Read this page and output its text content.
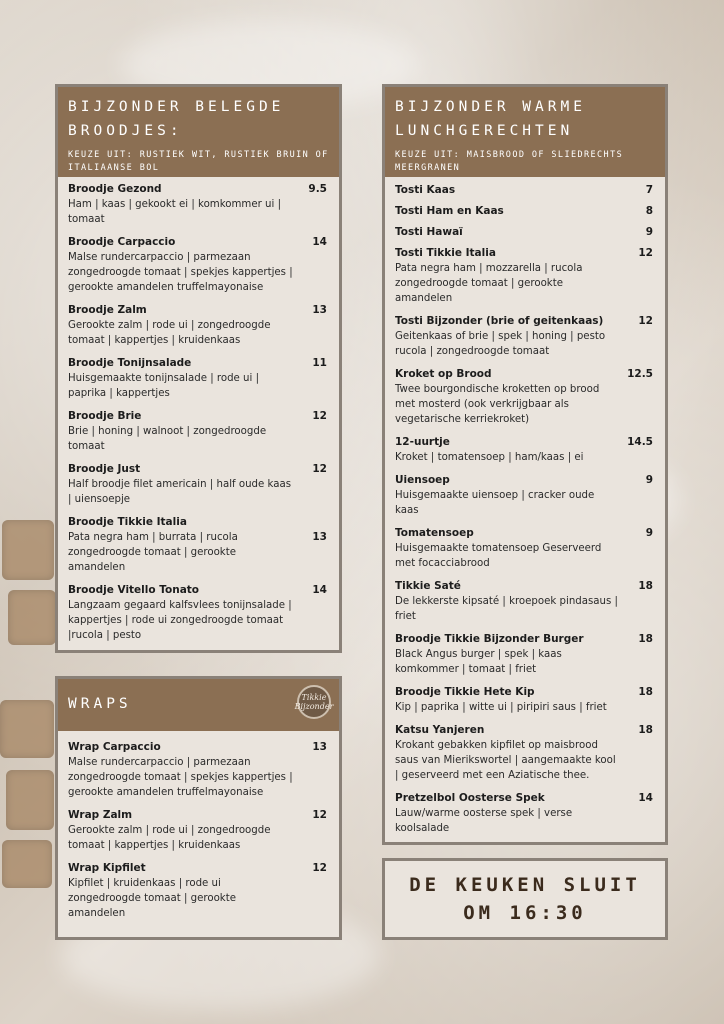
BIJZONDER BELEGDE BROODJES:
KEUZE UIT: RUSTIEK WIT, RUSTIEK BRUIN OF ITALIAANSE BOL
Broodje Gezond
Ham | kaas | gekookt ei | komkommer ui | tomaat
9.5
Broodje Carpaccio
Malse rundercarpaccio | parmezaan zongedroogde tomaat | spekjes kappertjes | gerookte amandelen truffelmayonaise
14
Broodje Zalm
Gerookte zalm | rode ui | zongedroogde tomaat | kappertjes | kruidenkaas
13
Broodje Tonijnsalade
Huisgemaakte tonijnsalade | rode ui | paprika | kappertjes
11
Broodje Brie
Brie | honing | walnoot | zongedroogde tomaat
12
Broodje Just
Half broodje filet americain | half oude kaas | uiensoepje
12
Broodje Tikkie Italia
Pata negra ham | burrata | rucola zongedroogde tomaat | gerookte amandelen
13
Broodje Vitello Tonato
Langzaam gegaard kalfsvlees tonijnsalade | kappertjes | rode ui zongedroogde tomaat |rucola | pesto
14
WRAPS	Tikkie Bijzonder
Wrap Carpaccio
Malse rundercarpaccio | parmezaan zongedroogde tomaat | spekjes kappertjes | gerookte amandelen truffelmayonaise
13
Wrap Zalm
Gerookte zalm | rode ui | zongedroogde tomaat | kappertjes | kruidenkaas
12
Wrap Kipfilet
Kipfilet | kruidenkaas | rode ui zongedroogde tomaat | gerookte amandelen
12
BIJZONDER WARME LUNCHGERECHTEN
KEUZE UIT: MAISBROOD OF SLIEDRECHTS MEERGRANEN
Tosti Kaas	7
Tosti Ham en Kaas	8
Tosti Hawaï	9
Tosti Tikkie Italia
Pata negra ham | mozzarella | rucola zongedroogde tomaat | gerookte amandelen
12
Tosti Bijzonder (brie of geitenkaas)
Geitenkaas of brie | spek | honing | pesto rucola | zongedroogde tomaat
12
Kroket op Brood
Twee bourgondische kroketten op brood met mosterd (ook verkrijgbaar als vegetarische kerriekroket)
12.5
12-uurtje
Kroket | tomatensoep | ham/kaas | ei
14.5
Uiensoep
Huisgemaakte uiensoep | cracker oude kaas
9
Tomatensoep
Huisgemaakte tomatensoep Geserveerd met focacciabrood
9
Tikkie Saté
De lekkerste kipsaté | kroepoek pindasaus | friet
18
Broodje Tikkie Bijzonder Burger
Black Angus burger | spek | kaas komkommer | tomaat | friet
18
Broodje Tikkie Hete Kip
Kip | paprika | witte ui | piripiri saus | friet
18
Katsu Yanjeren
Krokant gebakken kipfilet op maisbrood saus van Mierikswortel | aangemaakte kool | geserveerd met een Aziatische thee.
18
Pretzelbol Oosterse Spek
Lauw/warme oosterse spek | verse koolsalade
14
DE KEUKEN SLUIT
OM 16:30
